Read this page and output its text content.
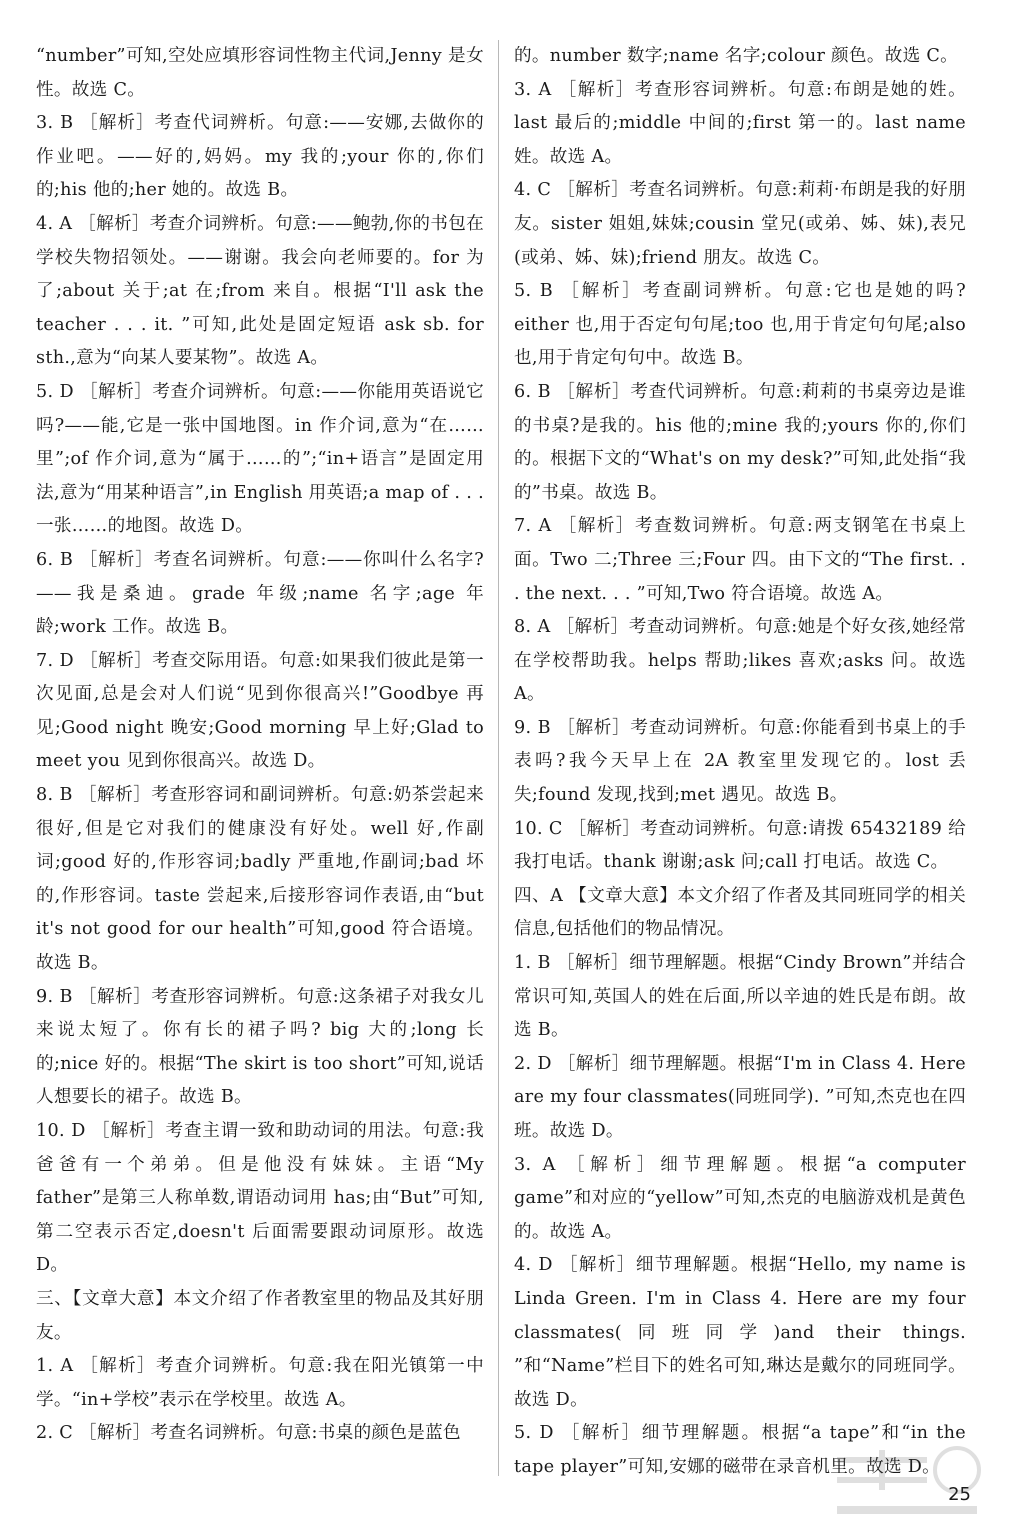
“number”可知,空处应填形容词性物主代词,Jenny 是女性。故选 C。

3. B ［解析］考查代词辨析。句意:——安娜,去做你的作业吧。——好的,妈妈。my 我的;your 你的,你们的;his 他的;her 她的。故选 B。

4. A ［解析］考查介词辨析。句意:——鲍勃,你的书包在学校失物招领处。——谢谢。我会向老师要的。for 为了;about 关于;at 在;from 来自。根据“I'll ask the teacher . . . it. ”可知,此处是固定短语 ask sb. for sth.,意为“向某人要某物”。故选 A。

5. D ［解析］考查介词辨析。句意:——你能用英语说它吗?——能,它是一张中国地图。in 作介词,意为“在……里”;of 作介词,意为“属于……的”;“in+语言”是固定用法,意为“用某种语言”,in English 用英语;a map of . . . 一张……的地图。故选 D。

6. B ［解析］考查名词辨析。句意:——你叫什么名字?——我是桑迪。grade 年级;name 名字;age 年龄;work 工作。故选 B。

7. D ［解析］考查交际用语。句意:如果我们彼此是第一次见面,总是会对人们说“见到你很高兴!”Goodbye 再见;Good night 晚安;Good morning 早上好;Glad to meet you 见到你很高兴。故选 D。

8. B ［解析］考查形容词和副词辨析。句意:奶茶尝起来很好,但是它对我们的健康没有好处。well 好,作副词;good 好的,作形容词;badly 严重地,作副词;bad 坏的,作形容词。taste 尝起来,后接形容词作表语,由“but it's not good for our health”可知,good 符合语境。故选 B。

9. B ［解析］考查形容词辨析。句意:这条裙子对我女儿来说太短了。你有长的裙子吗? big 大的;long 长的;nice 好的。根据“The skirt is too short”可知,说话人想要长的裙子。故选 B。

10. D ［解析］考查主谓一致和助动词的用法。句意:我爸爸有一个弟弟。但是他没有妹妹。主语“My father”是第三人称单数,谓语动词用 has;由“But”可知,第二空表示否定,doesn't 后面需要跟动词原形。故选 D。

三、【文章大意】本文介绍了作者教室里的物品及其好朋友。

1. A ［解析］考查介词辨析。句意:我在阳光镇第一中学。“in+学校”表示在学校里。故选 A。

2. C ［解析］考查名词辨析。句意:书桌的颜色是蓝色

的。number 数字;name 名字;colour 颜色。故选 C。

3. A ［解析］考查形容词辨析。句意:布朗是她的姓。last 最后的;middle 中间的;first 第一的。last name 姓。故选 A。

4. C ［解析］考查名词辨析。句意:莉莉·布朗是我的好朋友。sister 姐姐,妹妹;cousin 堂兄(或弟、姊、妹),表兄(或弟、姊、妹);friend 朋友。故选 C。

5. B ［解析］考查副词辨析。句意:它也是她的吗? either 也,用于否定句句尾;too 也,用于肯定句句尾;also 也,用于肯定句句中。故选 B。

6. B ［解析］考查代词辨析。句意:莉莉的书桌旁边是谁的书桌?是我的。his 他的;mine 我的;yours 你的,你们的。根据下文的“What's on my desk?”可知,此处指“我的”书桌。故选 B。

7. A ［解析］考查数词辨析。句意:两支钢笔在书桌上面。Two 二;Three 三;Four 四。由下文的“The first. . . the next. . . ”可知,Two 符合语境。故选 A。

8. A ［解析］考查动词辨析。句意:她是个好女孩,她经常在学校帮助我。helps 帮助;likes 喜欢;asks 问。故选 A。

9. B ［解析］考查动词辨析。句意:你能看到书桌上的手表吗?我今天早上在 2A 教室里发现它的。lost 丢失;found 发现,找到;met 遇见。故选 B。

10. C ［解析］考查动词辨析。句意:请拨 65432189 给我打电话。thank 谢谢;ask 问;call 打电话。故选 C。

四、A 【文章大意】本文介绍了作者及其同班同学的相关信息,包括他们的物品情况。

1. B ［解析］细节理解题。根据“Cindy Brown”并结合常识可知,英国人的姓在后面,所以辛迪的姓氏是布朗。故选 B。

2. D ［解析］细节理解题。根据“I'm in Class 4. Here are my four classmates(同班同学). ”可知,杰克也在四班。故选 D。

3. A ［解析］细节理解题。根据“a computer game”和对应的“yellow”可知,杰克的电脑游戏机是黄色的。故选 A。

4. D ［解析］细节理解题。根据“Hello, my name is Linda Green. I'm in Class 4. Here are my four classmates(同班同学)and their things. ”和“Name”栏目下的姓名可知,琳达是戴尔的同班同学。故选 D。

5. D ［解析］细节理解题。根据“a tape”和“in the tape player”可知,安娜的磁带在录音机里。故选 D。

25
